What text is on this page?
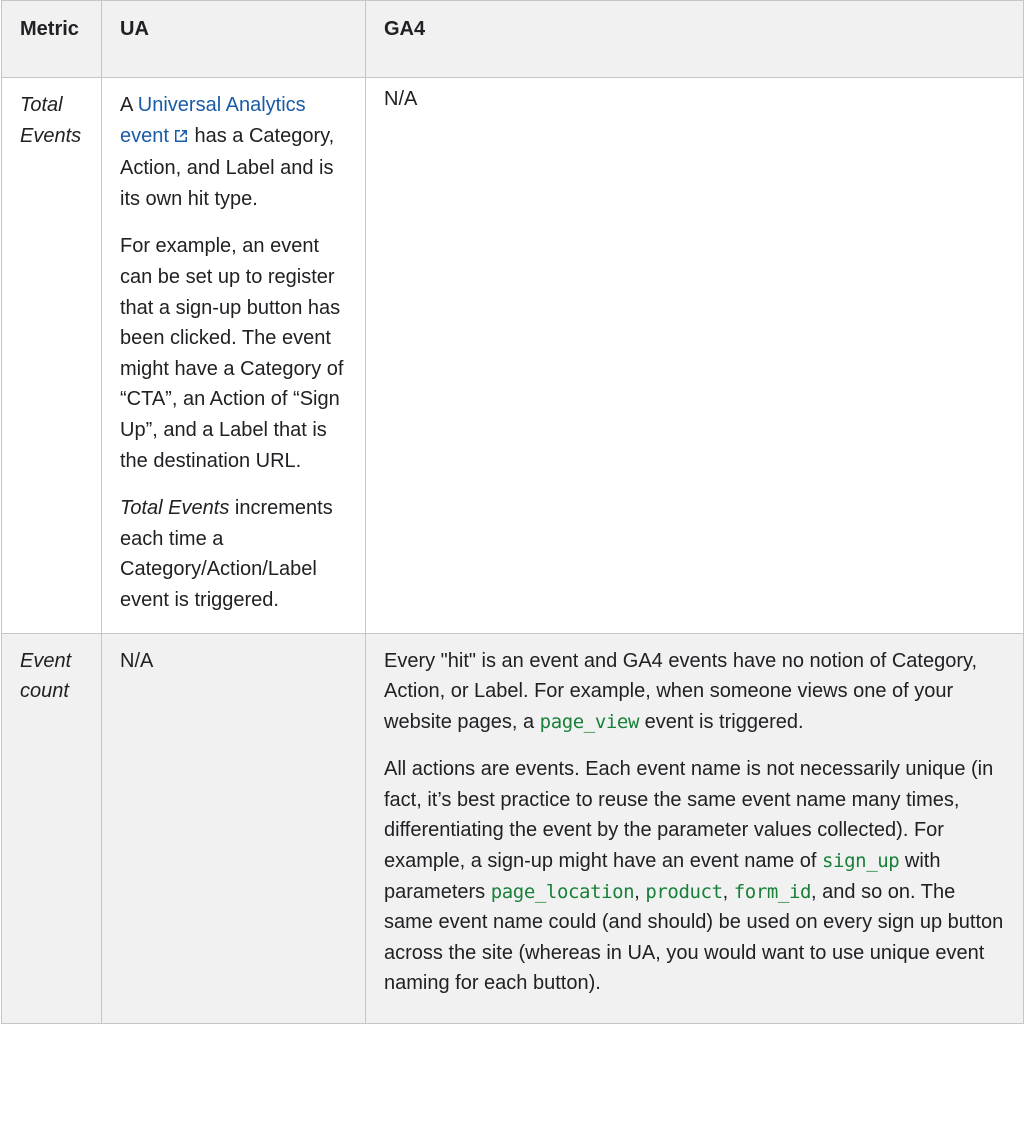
Metric	UA	GA4

Total Events	A Universal Analytics event has a Category, Action, and Label and is its own hit type.

For example, an event can be set up to register that a sign-up button has been clicked. The event might have a Category of “CTA”, an Action of “Sign Up”, and a Label that is the destination URL.

Total Events increments each time a Category/Action/Label event is triggered.	N/A

Event count	N/A	Every "hit" is an event and GA4 events have no notion of Category, Action, or Label. For example, when someone views one of your website pages, a page_view event is triggered.

All actions are events. Each event name is not necessarily unique (in fact, it’s best practice to reuse the same event name many times, differentiating the event by the parameter values collected). For example, a sign-up might have an event name of sign_up with parameters page_location, product, form_id, and so on. The same event name could (and should) be used on every sign up button across the site (whereas in UA, you would want to use unique event naming for each button).
